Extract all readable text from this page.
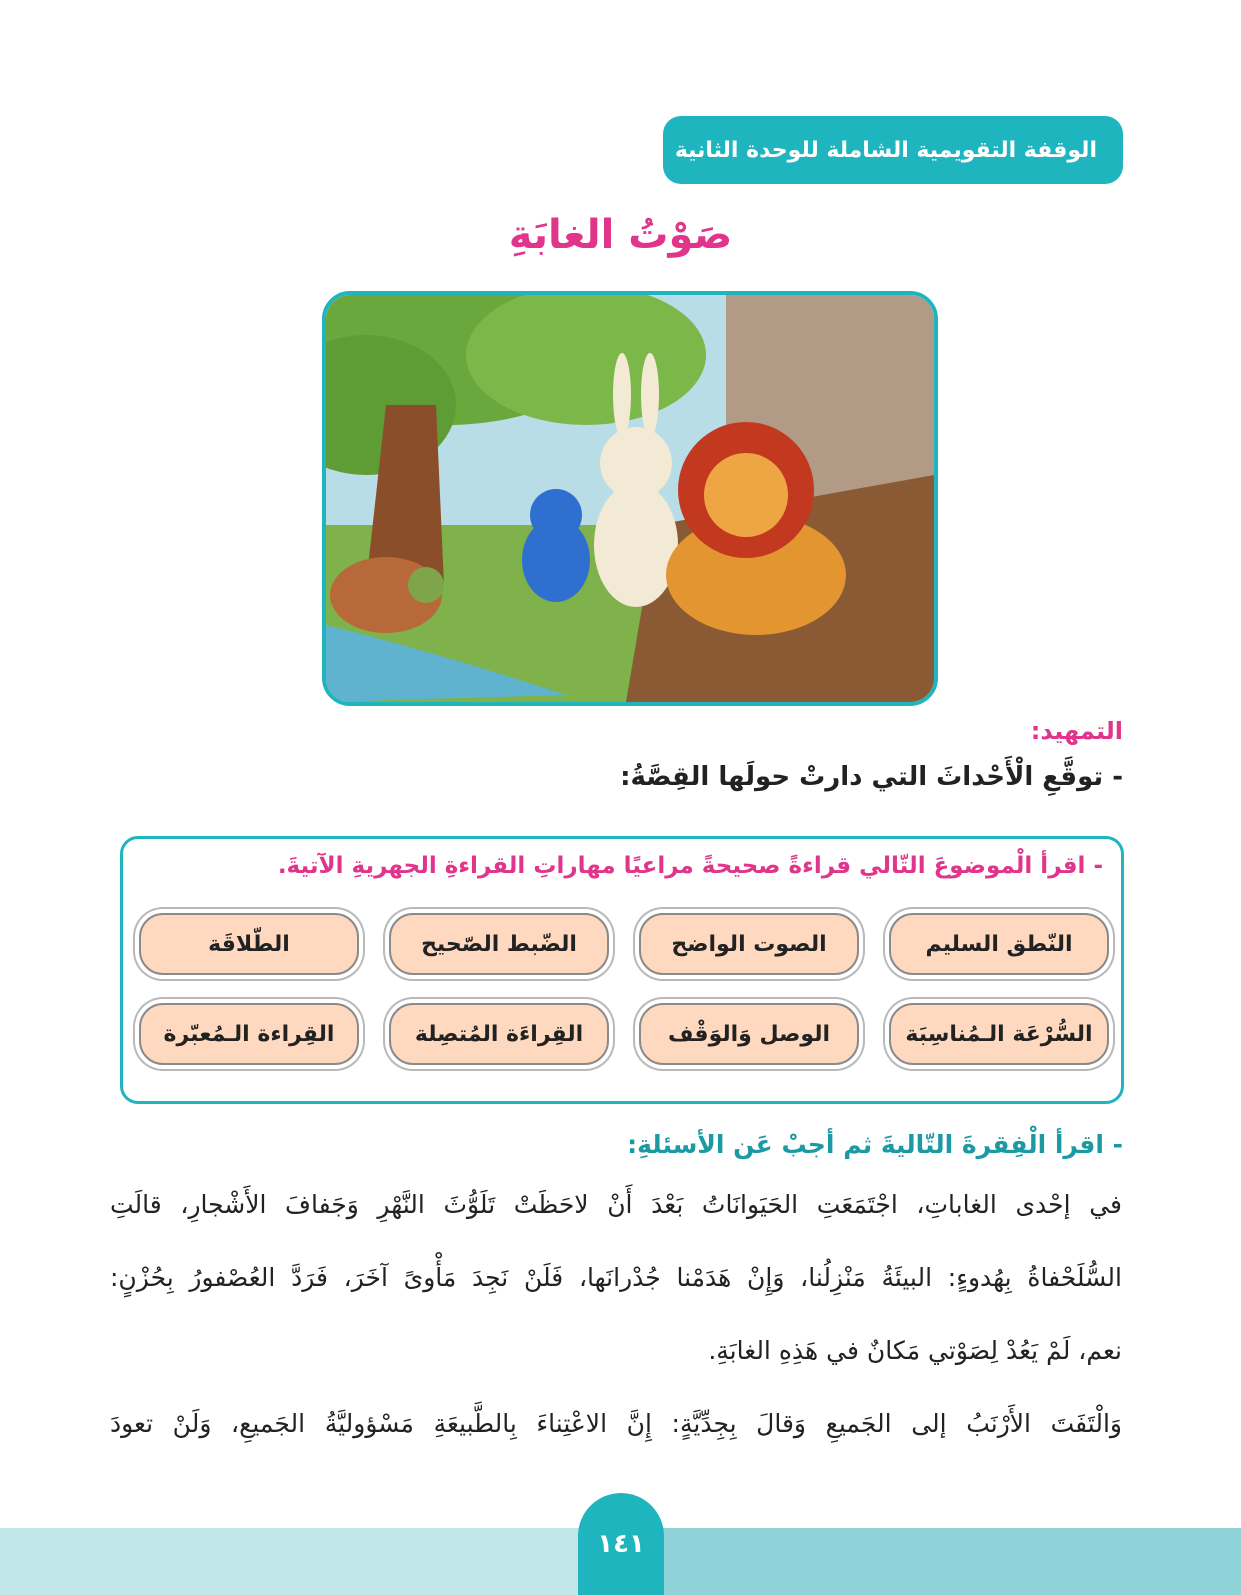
الوقفة التقويمية الشاملة للوحدة الثانية
صَوْتُ الغابَةِ
التمهيد:
- توقَّعِ الْأَحْداثَ التي دارتْ حولَها القِصَّةُ:
- اقرأ الْموضوعَ التّالي قراءةً صحيحةً مراعيًا مهاراتِ القراءةِ الجهريةِ الآتيةَ.
النّطق السليم
الصوت الواضح
الضّبط الصّحيح
الطّلاقَة
السُّرْعَة الـمُناسِبَة
الوصل وَالوَقْف
القِراءَة المُتصِلة
القِراءة الـمُعبّرة
- اقرأ الْفِقرةَ التّاليةَ ثم أجبْ عَن الأسئلةِ:
في إحْدى الغاباتِ، اجْتَمَعَتِ الحَيَوانَاتُ بَعْدَ أَنْ لاحَظَتْ تَلَوُّثَ النَّهْرِ وَجَفافَ الأَشْجارِ، قالَتِ
السُّلَحْفاةُ بِهُدوءٍ: البيئَةُ مَنْزِلُنا، وَإِنْ هَدَمْنا جُدْرانَها، فَلَنْ نَجِدَ مَأْوىً آخَرَ، فَرَدَّ العُصْفورُ بِحُزْنٍ:
نعم، لَمْ يَعُدْ لِصَوْتي مَكانٌ في هَذِهِ الغابَةِ.
وَالْتَفَتَ الأَرْنَبُ إلى الجَميعِ وَقالَ بِجِدِّيَّةٍ: إِنَّ الاعْتِناءَ بِالطَّبيعَةِ مَسْؤوليَّةُ الجَميعِ، وَلَنْ تعودَ
١٤١
